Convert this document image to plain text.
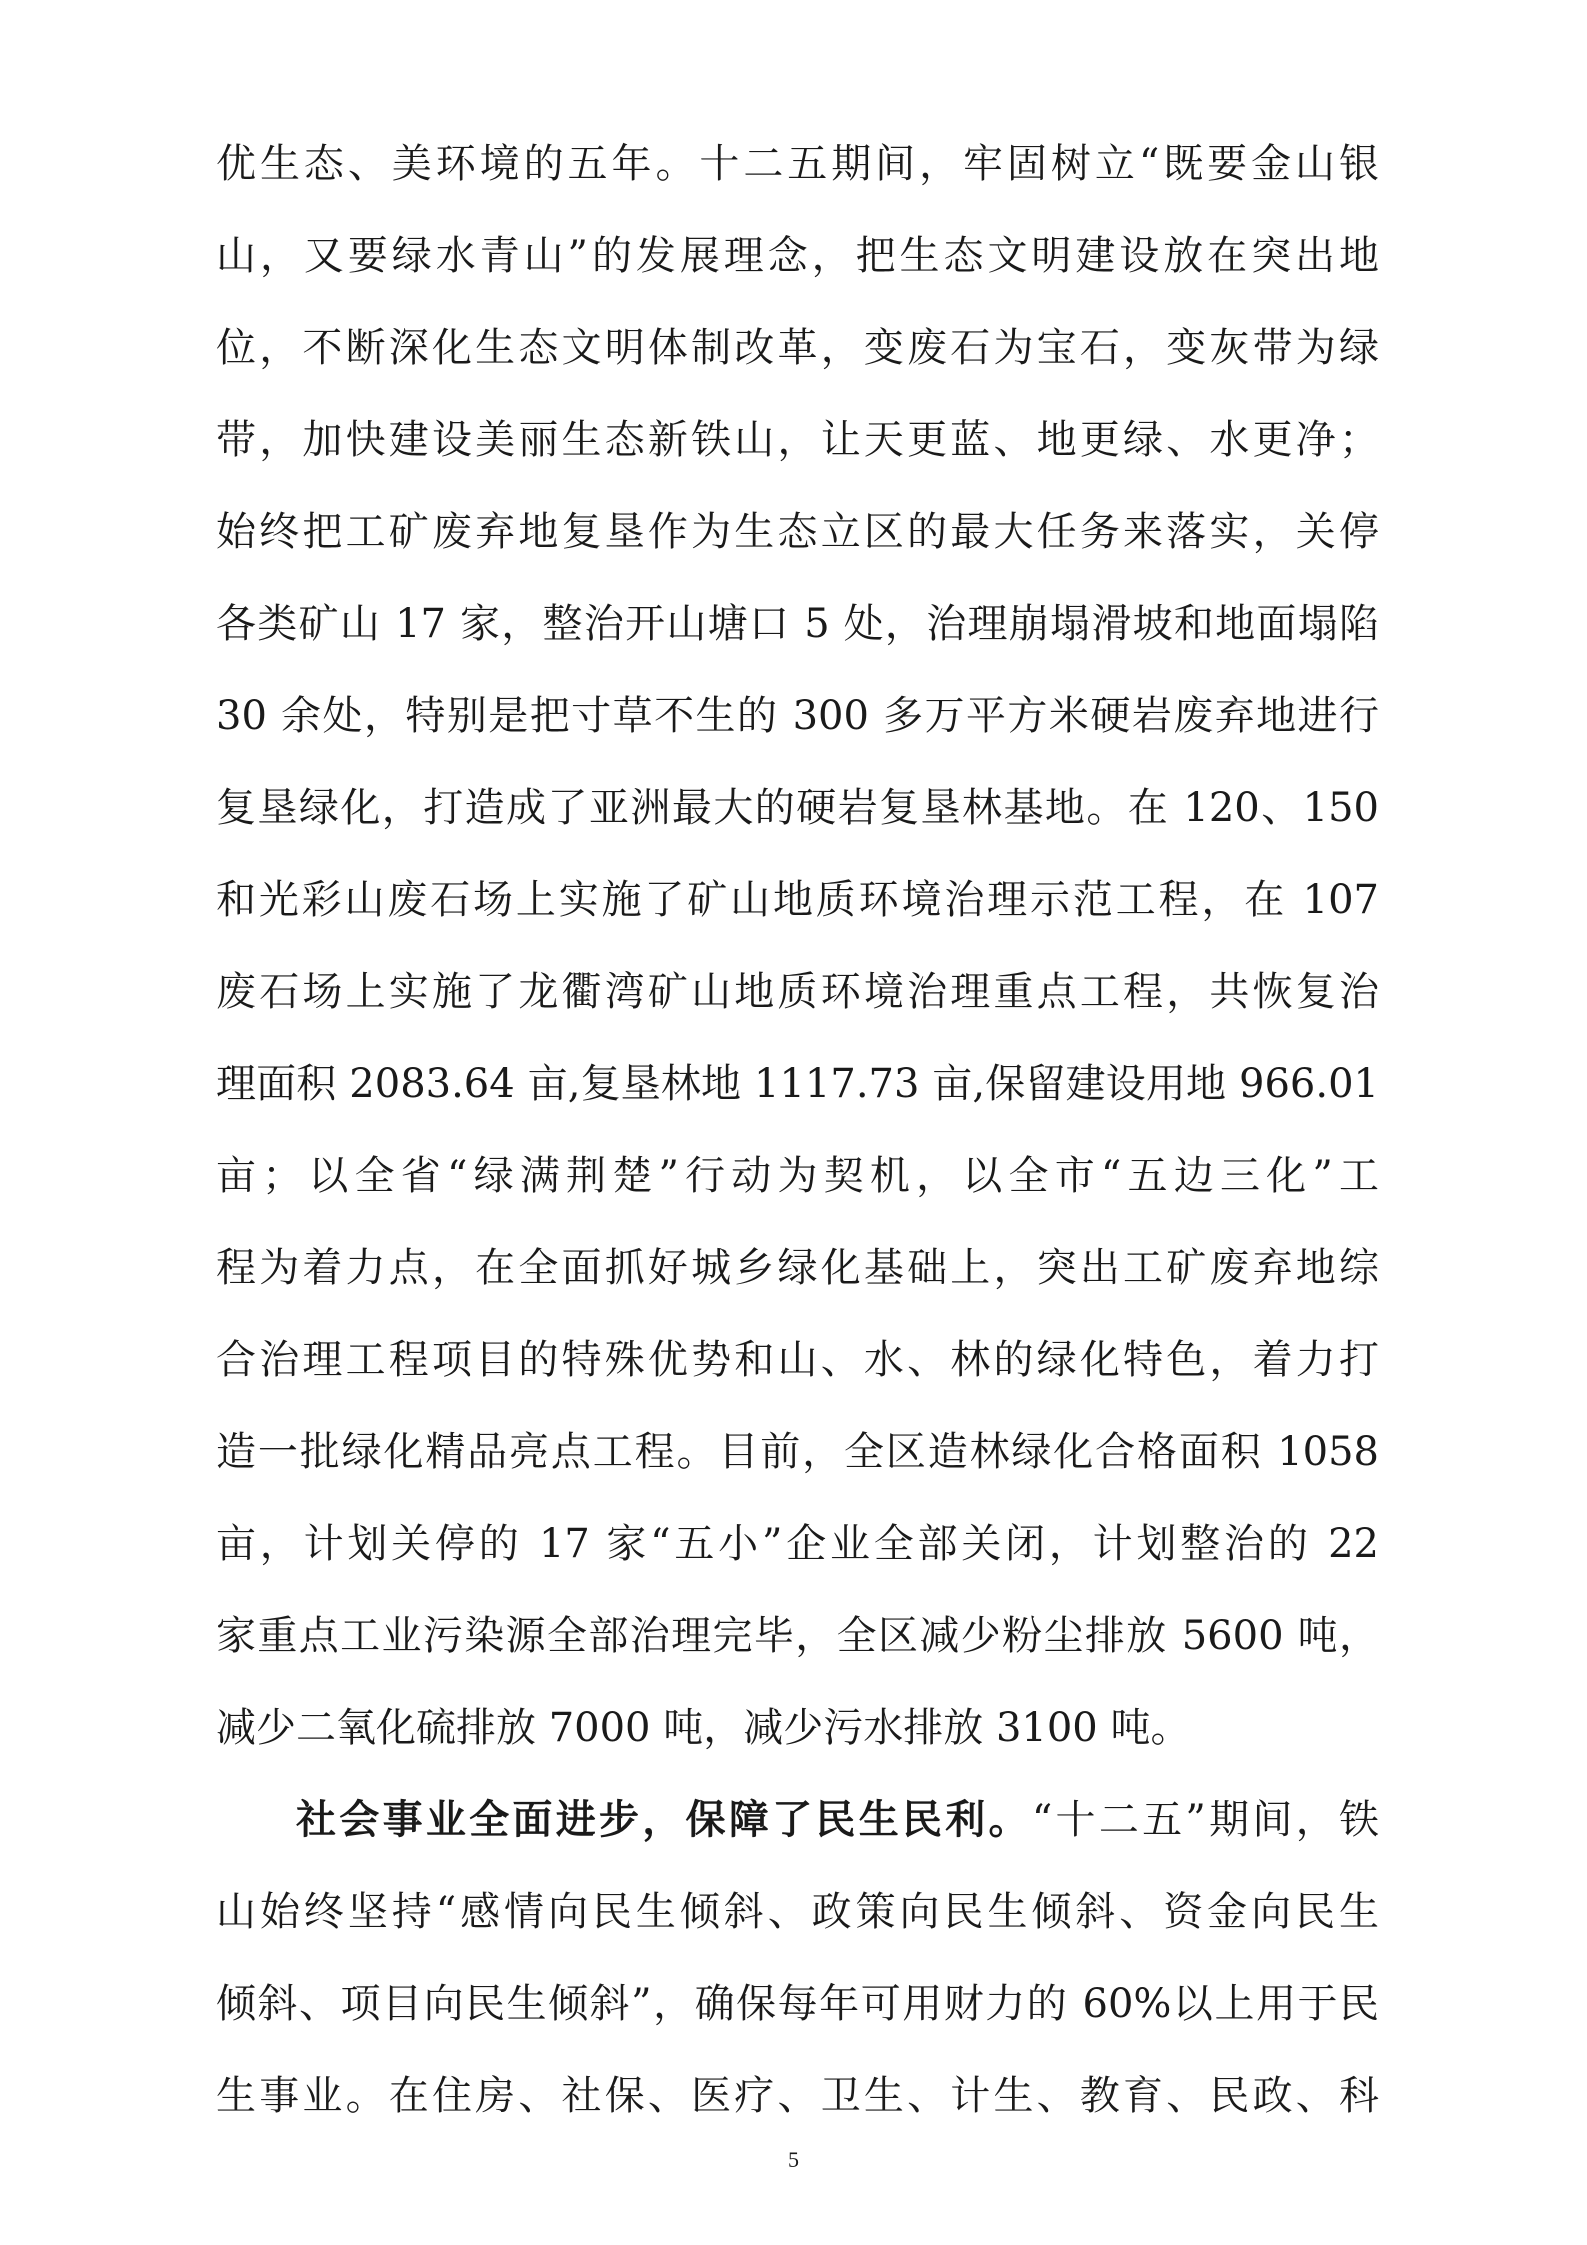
优生态、美环境的五年。十二五期间，牢固树立“既要金山银
山，又要绿水青山”的发展理念，把生态文明建设放在突出地
位，不断深化生态文明体制改革，变废石为宝石，变灰带为绿
带，加快建设美丽生态新铁山，让天更蓝、地更绿、水更净；
始终把工矿废弃地复垦作为生态立区的最大任务来落实，关停
各类矿山 17 家，整治开山塘口 5 处，治理崩塌滑坡和地面塌陷
30 余处，特别是把寸草不生的 300 多万平方米硬岩废弃地进行
复垦绿化，打造成了亚洲最大的硬岩复垦林基地。在 120、150
和光彩山废石场上实施了矿山地质环境治理示范工程，在 107
废石场上实施了龙衢湾矿山地质环境治理重点工程，共恢复治
理面积 2083.64 亩,复垦林地 1117.73 亩,保留建设用地 966.01
亩；以全省“绿满荆楚”行动为契机，以全市“五边三化”工
程为着力点，在全面抓好城乡绿化基础上，突出工矿废弃地综
合治理工程项目的特殊优势和山、水、林的绿化特色，着力打
造一批绿化精品亮点工程。目前，全区造林绿化合格面积 1058
亩，计划关停的 17 家“五小”企业全部关闭，计划整治的 22
家重点工业污染源全部治理完毕，全区减少粉尘排放 5600 吨，
减少二氧化硫排放 7000 吨，减少污水排放 3100 吨。
社会事业全面进步，保障了民生民利。“十二五”期间，铁
山始终坚持“感情向民生倾斜、政策向民生倾斜、资金向民生
倾斜、项目向民生倾斜”，确保每年可用财力的 60%以上用于民
生事业。在住房、社保、医疗、卫生、计生、教育、民政、科
5
